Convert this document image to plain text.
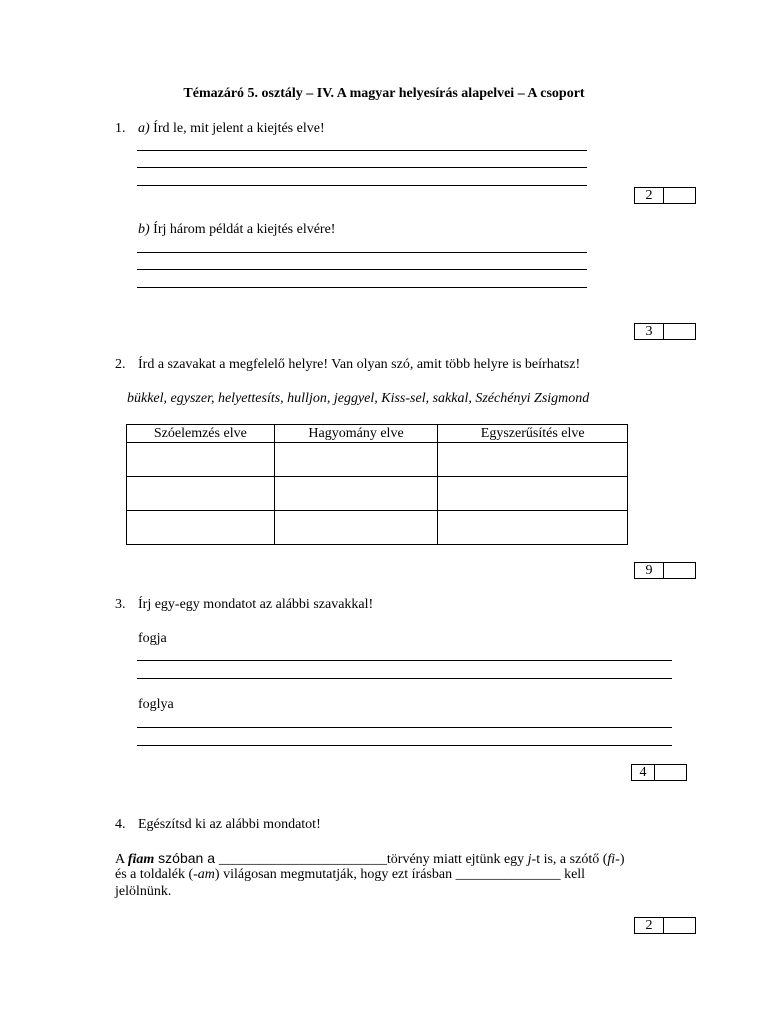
Témazáró 5. osztály – IV. A magyar helyesírás alapelvei – A csoport
1. a) Írd le, mit jelent a kiejtés elve!
2
b) Írj három példát a kiejtés elvére!
3
2. Írd a szavakat a megfelelő helyre! Van olyan szó, amit több helyre is beírhatsz!
bükkel, egyszer, helyettesíts, hulljon, jeggyel, Kiss-sel, sakkal, Széchényi Zsigmond
Szóelemzés elve	Hagyomány elve	Egyszerűsítés elve

9
3. Írj egy-egy mondatot az alábbi szavakkal!
fogja
foglya
4
4. Egészítsd ki az alábbi mondatot!
A fiam szóban a ________________________törvény miatt ejtünk egy j-t is, a szótő (fi-)
és a toldalék (-am) világosan megmutatják, hogy ezt írásban _______________ kell
jelölnünk.
2
